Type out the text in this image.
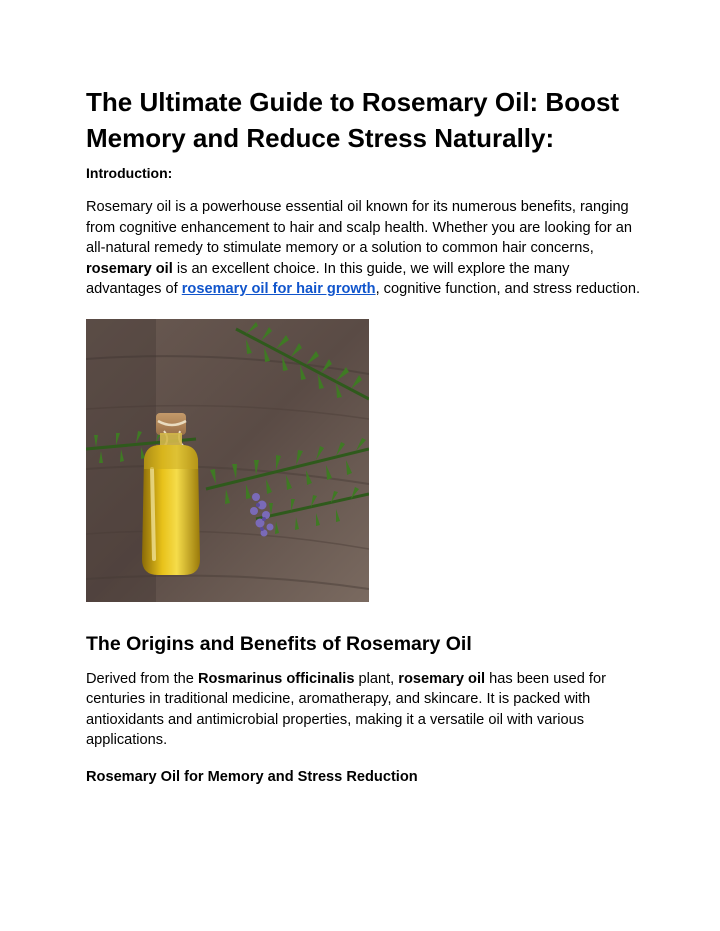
The Ultimate Guide to Rosemary Oil: Boost Memory and Reduce Stress Naturally:
Introduction:

Rosemary oil is a powerhouse essential oil known for its numerous benefits, ranging from cognitive enhancement to hair and scalp health. Whether you are looking for an all-natural remedy to stimulate memory or a solution to common hair concerns, rosemary oil is an excellent choice. In this guide, we will explore the many advantages of rosemary oil for hair growth, cognitive function, and stress reduction.

The Origins and Benefits of Rosemary Oil

Derived from the Rosmarinus officinalis plant, rosemary oil has been used for centuries in traditional medicine, aromatherapy, and skincare. It is packed with antioxidants and antimicrobial properties, making it a versatile oil with various applications.

Rosemary Oil for Memory and Stress Reduction
